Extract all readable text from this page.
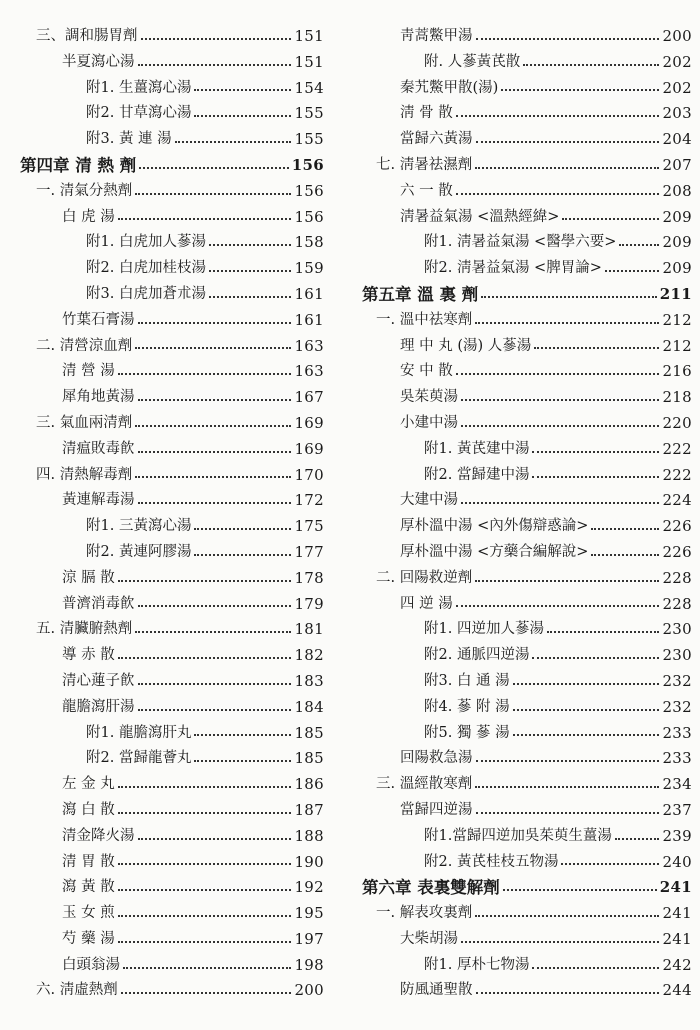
三、調和腸胃劑	151
半夏瀉心湯	151
附1. 生薑瀉心湯	154
附2. 甘草瀉心湯	155
附3. 黃 連 湯	155
第四章 清 熱 劑	156
一. 清氣分熱劑	156
白 虎 湯	156
附1. 白虎加人蔘湯	158
附2. 白虎加桂枝湯	159
附3. 白虎加蒼朮湯	161
竹葉石膏湯	161
二. 清營涼血劑	163
清 營 湯	163
犀角地黃湯	167
三. 氣血兩清劑	169
清瘟敗毒飮	169
四. 清熱解毒劑	170
黃連解毒湯	172
附1. 三黃瀉心湯	175
附2. 黃連阿膠湯	177
涼 膈 散	178
普濟消毒飮	179
五. 清臟腑熱劑	181
導 赤 散	182
清心蓮子飮	183
龍膽瀉肝湯	184
附1. 龍膽瀉肝丸	185
附2. 當歸龍薈丸	185
左 金 丸	186
瀉 白 散	187
清金降火湯	188
清 胃 散	190
瀉 黃 散	192
玉 女 煎	195
芍 藥 湯	197
白頭翁湯	198
六. 淸虛熱劑	200
靑蒿鱉甲湯	200
附. 人蔘黃芪散	202
秦艽鱉甲散(湯)	202
淸 骨 散	203
當歸六黃湯	204
七. 淸暑祛濕劑	207
六 一 散	208
淸暑益氣湯 <溫熱經緯>	209
附1. 淸暑益氣湯 <醫學六要>	209
附2. 淸暑益氣湯 <脾胃論>	209
第五章 溫 裏 劑	211
一. 溫中祛寒劑	212
理 中 丸 (湯) 人蔘湯	212
安 中 散	216
吳茱萸湯	218
小建中湯	220
附1. 黃芪建中湯	222
附2. 當歸建中湯	222
大建中湯	224
厚朴溫中湯 <內外傷辯惑論>	226
厚朴溫中湯 <方藥合編解說>	226
二. 回陽救逆劑	228
四 逆 湯	228
附1. 四逆加人蔘湯	230
附2. 通脈四逆湯	230
附3. 白 通 湯	232
附4. 蔘 附 湯	232
附5. 獨 蔘 湯	233
回陽救急湯	233
三. 溫經散寒劑	234
當歸四逆湯	237
附1.當歸四逆加吳茱萸生薑湯	239
附2. 黃芪桂枝五物湯	240
第六章 表裏雙解劑	241
一. 解表攻裏劑	241
大柴胡湯	241
附1. 厚朴七物湯	242
防風通聖散	244
